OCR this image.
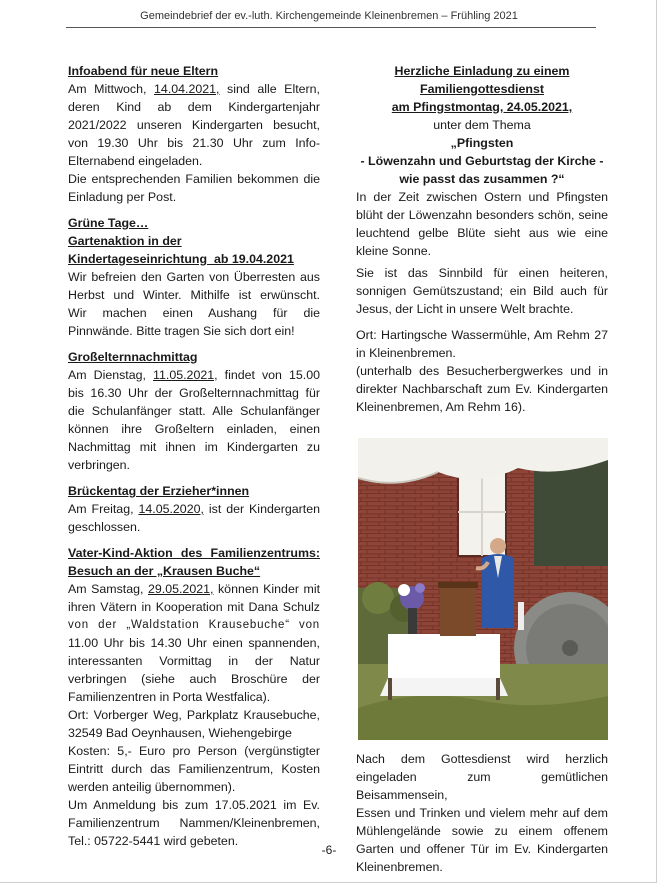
Gemeindebrief der ev.-luth. Kirchengemeinde Kleinenbremen – Frühling 2021
Infoabend für neue Eltern
Am Mittwoch, 14.04.2021, sind alle Eltern,
deren Kind ab dem Kindergartenjahr
2021/2022 unseren Kindergarten besucht,
von 19.30 Uhr bis 21.30 Uhr zum Info-
Elternabend eingeladen.
Die entsprechenden Familien bekommen die
Einladung per Post.
Grüne Tage…
Gartenaktion in der
Kindertageseinrichtung  ab 19.04.2021
Wir befreien den Garten von Überresten aus
Herbst und Winter. Mithilfe ist erwünscht.
Wir machen einen Aushang für die
Pinnwände. Bitte tragen Sie sich dort ein!
Großelternnachmittag
Am Dienstag, 11.05.2021, findet von 15.00
bis 16.30 Uhr der Großelternnachmittag für
die Schulanfänger statt. Alle Schulanfänger
können ihre Großeltern einladen, einen
Nachmittag mit ihnen im Kindergarten zu
verbringen.
Brückentag der Erzieher*innen
Am Freitag, 14.05.2020, ist der Kindergarten
geschlossen.
Vater-Kind-Aktion des Familienzentrums:
Besuch an der „Krausen Buche“
Am Samstag, 29.05.2021, können Kinder mit
ihren Vätern in Kooperation mit Dana Schulz
von der „Waldstation Krausebuche“ von
11.00 Uhr bis 14.30 Uhr einen spannenden,
interessanten Vormittag in der Natur
verbringen (siehe auch Broschüre der
Familienzentren in Porta Westfalica).
Ort: Vorberger Weg, Parkplatz Krausebuche,
32549 Bad Oeynhausen, Wiehengebirge
Kosten: 5,- Euro pro Person (vergünstigter
Eintritt durch das Familienzentrum, Kosten
werden anteilig übernommen).
Um Anmeldung bis zum 17.05.2021 im Ev.
Familienzentrum Nammen/Kleinenbremen,
Tel.: 05722-5441 wird gebeten.
Herzliche Einladung zu einem
Familiengottesdienst
am Pfingstmontag, 24.05.2021,
unter dem Thema
„Pfingsten
- Löwenzahn und Geburtstag der Kirche -
wie passt das zusammen ?“
In der Zeit zwischen Ostern und Pfingsten
blüht der Löwenzahn besonders schön, seine
leuchtend gelbe Blüte sieht aus wie eine
kleine Sonne.
Sie ist das Sinnbild für einen heiteren,
sonnigen Gemütszustand; ein Bild auch für
Jesus, der Licht in unsere Welt brachte.
Ort: Hartingsche Wassermühle, Am Rehm 27
in Kleinenbremen.
(unterhalb des Besucherbergwerkes und in
direkter Nachbarschaft zum Ev. Kindergarten
Kleinenbremen, Am Rehm 16).
Nach dem Gottesdienst wird herzlich
eingeladen zum gemütlichen Beisammensein,
Essen und Trinken und vielem mehr auf dem
Mühlengelände sowie zu einem offenem
Garten und offener Tür im Ev. Kindergarten
Kleinenbremen.
-6-
